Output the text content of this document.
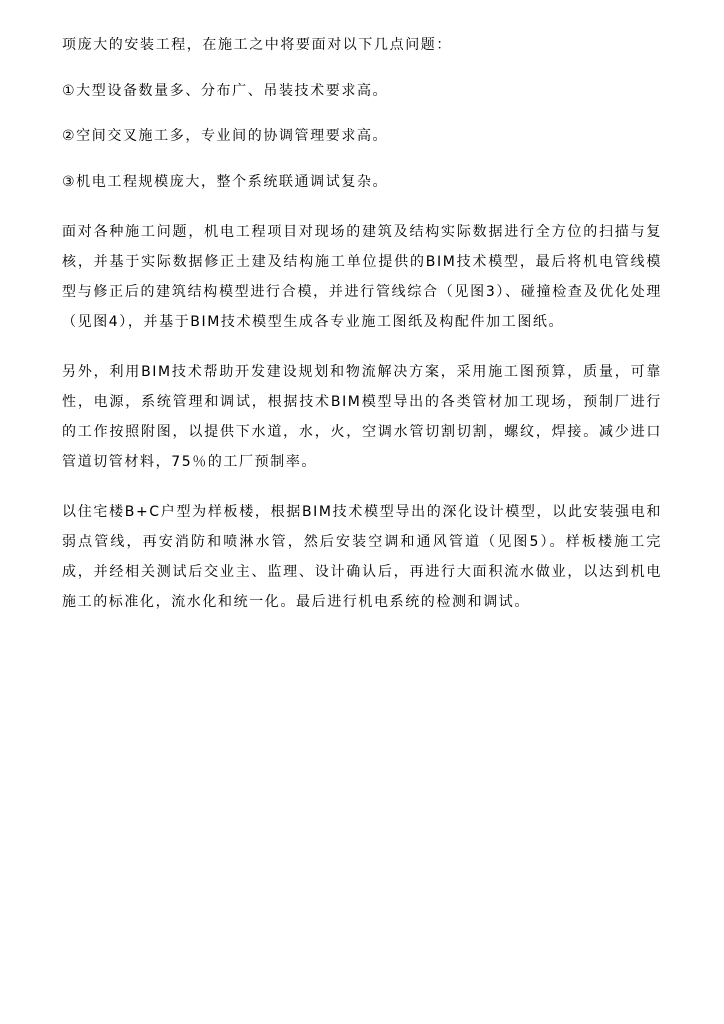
项庞大的安装工程，在施工之中将要面对以下几点问题：

①大型设备数量多、分布广、吊装技术要求高。

②空间交叉施工多，专业间的协调管理要求高。

③机电工程规模庞大，整个系统联通调试复杂。

面对各种施工问题，机电工程项目对现场的建筑及结构实际数据进行全方位的扫描与复核，并基于实际数据修正土建及结构施工单位提供的BIM技术模型，最后将机电管线模型与修正后的建筑结构模型进行合模，并进行管线综合（见图3）、碰撞检查及优化处理（见图4），并基于BIM技术模型生成各专业施工图纸及构配件加工图纸。

另外，利用BIM技术帮助开发建设规划和物流解决方案，采用施工图预算，质量，可靠性，电源，系统管理和调试，根据技术BIM模型导出的各类管材加工现场，预制厂进行的工作按照附图，以提供下水道，水，火，空调水管切割切割，螺纹，焊接。减少进口管道切管材料，75％的工厂预制率。

以住宅楼B+C户型为样板楼，根据BIM技术模型导出的深化设计模型，以此安装强电和弱点管线，再安消防和喷淋水管，然后安装空调和通风管道（见图5）。样板楼施工完成，并经相关测试后交业主、监理、设计确认后，再进行大面积流水做业，以达到机电施工的标准化，流水化和统一化。最后进行机电系统的检测和调试。
